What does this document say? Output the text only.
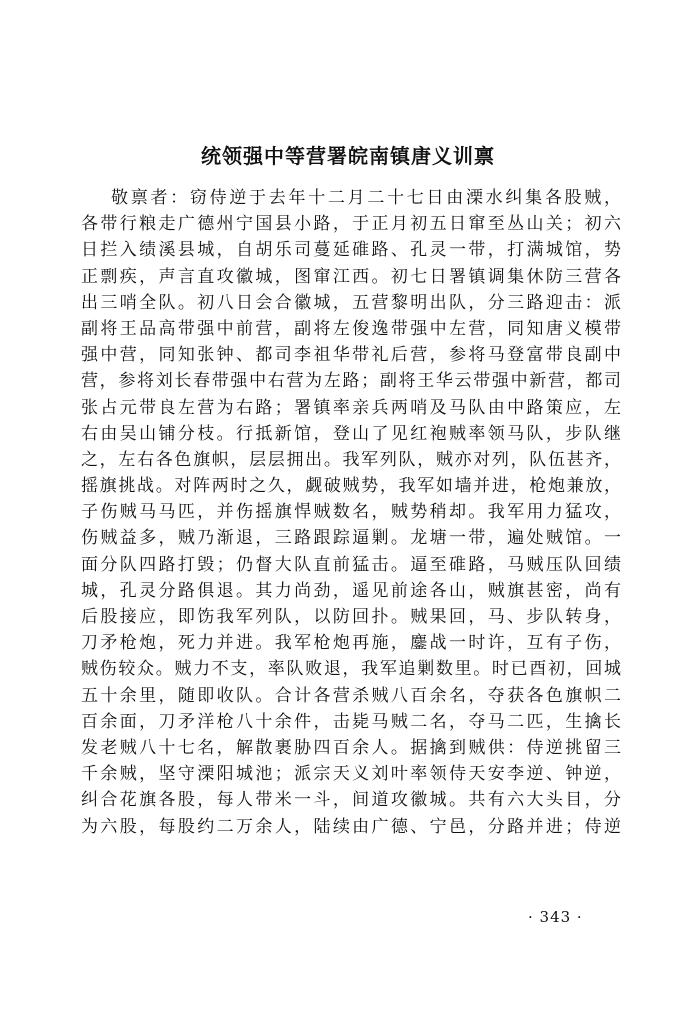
统领强中等营署皖南镇唐义训禀
敬禀者：窃侍逆于去年十二月二十七日由溧水纠集各股贼，
各带行粮走广德州宁国县小路，于正月初五日窜至丛山关；初六
日拦入绩溪县城，自胡乐司蔓延碓路、孔灵一带，打满城馆，势
正剽疾，声言直攻徽城，图窜江西。初七日署镇调集休防三营各
出三哨全队。初八日会合徽城，五营黎明出队，分三路迎击：派
副将王品高带强中前营，副将左俊逸带强中左营，同知唐义模带
强中营，同知张钟、都司李祖华带礼后营，参将马登富带良副中
营，参将刘长春带强中右营为左路；副将王华云带强中新营，都司
张占元带良左营为右路；署镇率亲兵两哨及马队由中路策应，左
右由吴山铺分枝。行抵新馆，登山了见红袍贼率领马队，步队继
之，左右各色旗帜，层层拥出。我军列队，贼亦对列，队伍甚齐，
摇旗挑战。对阵两时之久，觑破贼势，我军如墙并进，枪炮兼放，
子伤贼马马匹，并伤摇旗悍贼数名，贼势稍却。我军用力猛攻，
伤贼益多，贼乃渐退，三路跟踪逼剿。龙塘一带，遍处贼馆。一
面分队四路打毁；仍督大队直前猛击。逼至碓路，马贼压队回绩
城，孔灵分路俱退。其力尚劲，遥见前途各山，贼旗甚密，尚有
后股接应，即饬我军列队，以防回扑。贼果回，马、步队转身，
刀矛枪炮，死力并进。我军枪炮再施，鏖战一时许，互有子伤，
贼伤较众。贼力不支，率队败退，我军追剿数里。时已酉初，回城
五十余里，随即收队。合计各营杀贼八百余名，夺获各色旗帜二
百余面，刀矛洋枪八十余件，击毙马贼二名，夺马二匹，生擒长
发老贼八十七名，解散裹胁四百余人。据擒到贼供：侍逆挑留三
千余贼，坚守溧阳城池；派宗天义刘叶率领侍天安李逆、钟逆，
纠合花旗各股，每人带米一斗，间道攻徽城。共有六大头目，分
为六股，每股约二万余人，陆续由广德、宁邑，分路并进；侍逆
· 343 ·
